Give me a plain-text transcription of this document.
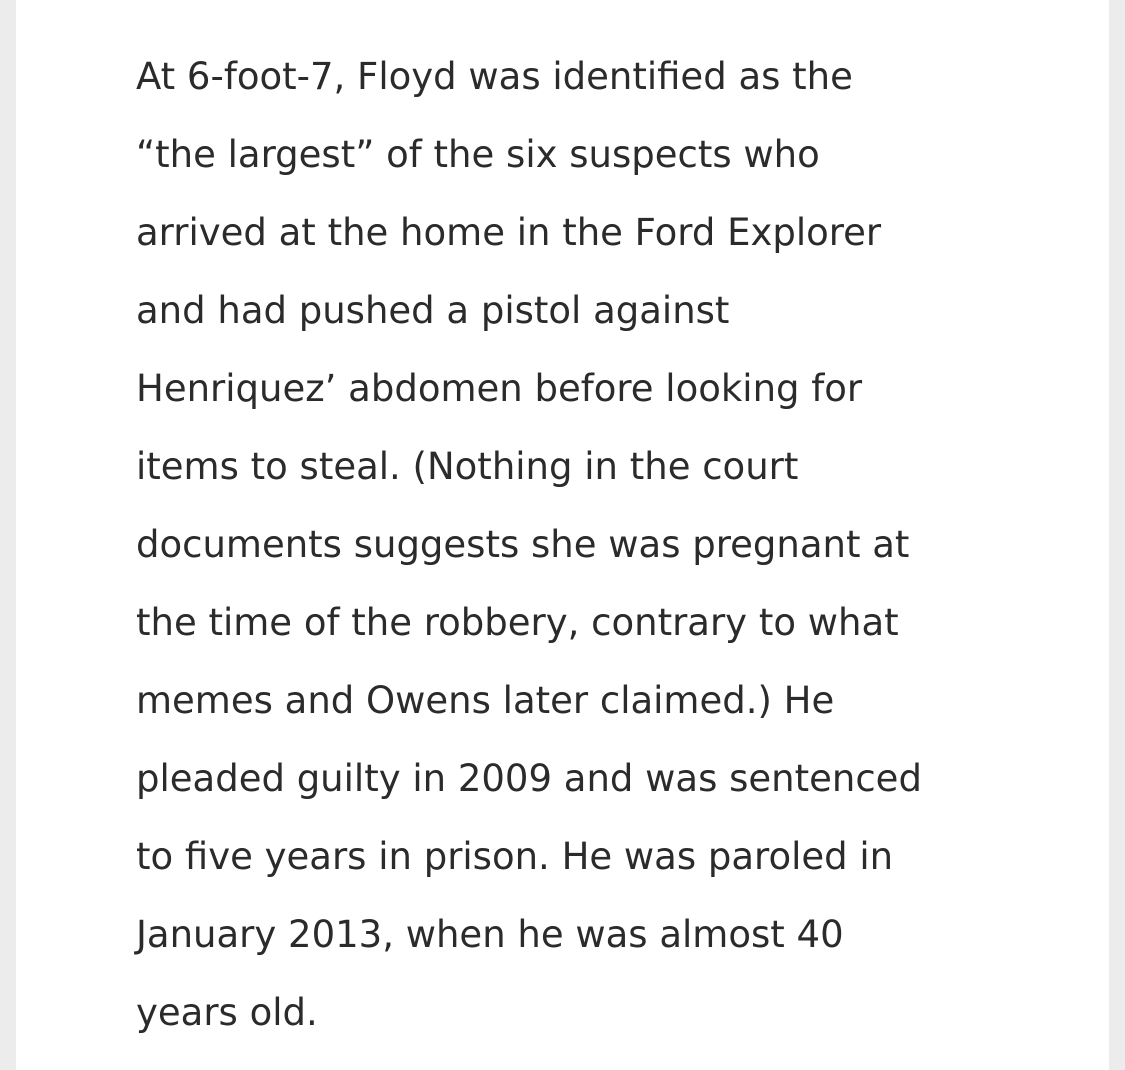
At 6-foot-7, Floyd was identified as the
“the largest” of the six suspects who
arrived at the home in the Ford Explorer
and had pushed a pistol against
Henriquez’ abdomen before looking for
items to steal. (Nothing in the court
documents suggests she was pregnant at
the time of the robbery, contrary to what
memes and Owens later claimed.) He
pleaded guilty in 2009 and was sentenced
to five years in prison. He was paroled in
January 2013, when he was almost 40
years old.
